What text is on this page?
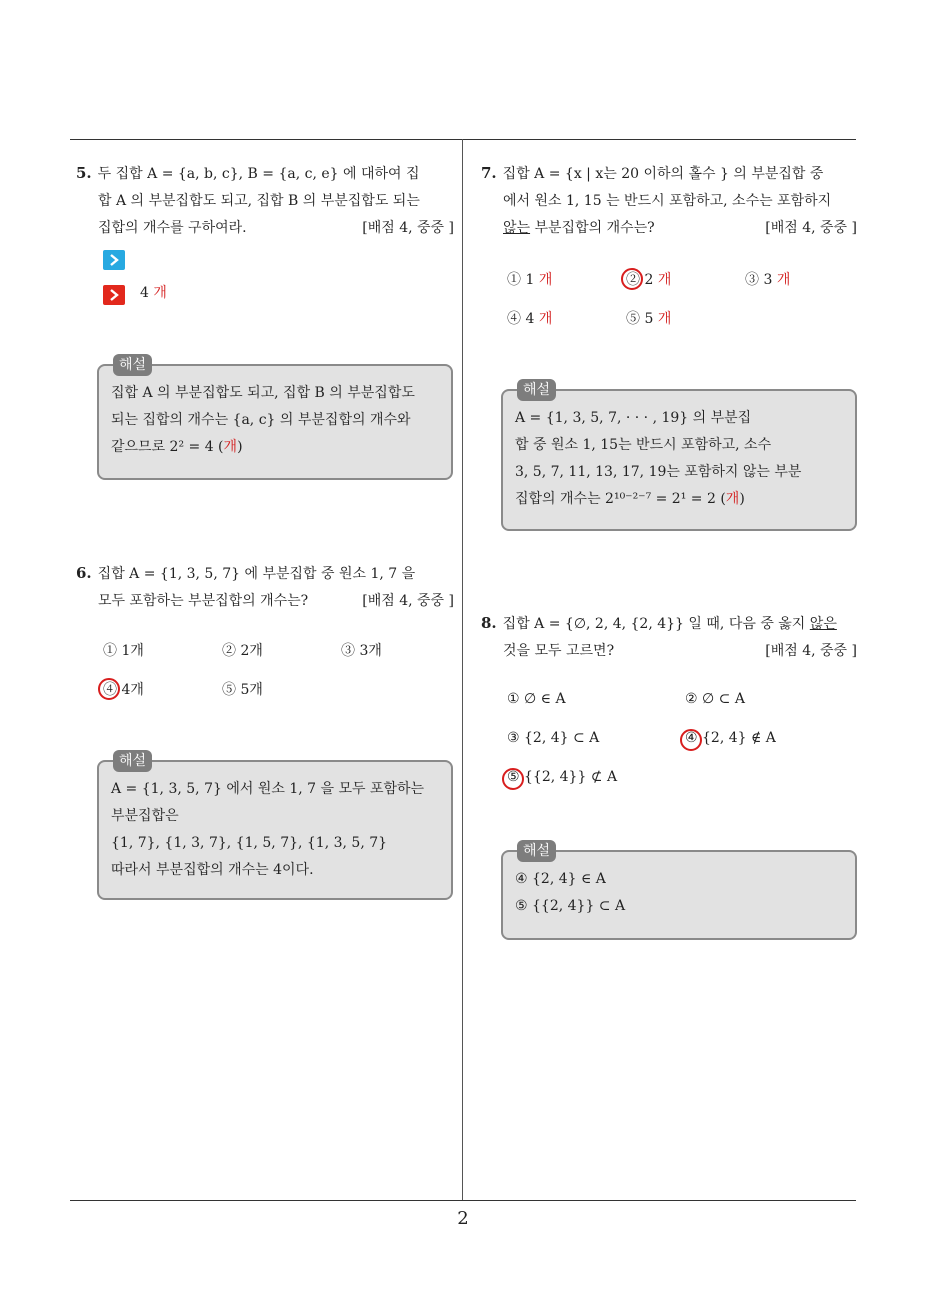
2
5. 두 집합 A = {a, b, c}, B = {a, c, e} 에 대하여 집
합 A 의 부분집합도 되고, 집합 B 의 부분집합도 되는
집합의 개수를 구하여라.	[배점 4, 중중 ]
4 개
해설
집합 A 의 부분집합도 되고, 집합 B 의 부분집합도
되는 집합의 개수는 {a, c} 의 부분집합의 개수와
같으므로 2² = 4 (개)
6. 집합 A = {1, 3, 5, 7} 에 부분집합 중 원소 1, 7 을
모두 포함하는 부분집합의 개수는?	[배점 4, 중중 ]
① 1개	② 2개	③ 3개
④ 4개	⑤ 5개
해설
A = {1, 3, 5, 7} 에서 원소 1, 7 을 모두 포함하는
부분집합은
{1, 7}, {1, 3, 7}, {1, 5, 7}, {1, 3, 5, 7}
따라서 부분집합의 개수는 4이다.
7. 집합 A = {x | x는 20 이하의 홀수 } 의 부분집합 중
에서 원소 1, 15 는 반드시 포함하고, 소수는 포함하지
않는 부분집합의 개수는?	[배점 4, 중중 ]
① 1 개	② 2 개	③ 3 개
④ 4 개	⑤ 5 개
해설
A = {1, 3, 5, 7, · · · , 19} 의 부분집
합 중 원소 1, 15는 반드시 포함하고, 소수
3, 5, 7, 11, 13, 17, 19는 포함하지 않는 부분
집합의 개수는 2¹⁰⁻²⁻⁷ = 2¹ = 2 (개)
8. 집합 A = {∅, 2, 4, {2, 4}} 일 때, 다음 중 옳지 않은
것을 모두 고르면?	[배점 4, 중중 ]
① ∅ ∈ A	② ∅ ⊂ A
③ {2, 4} ⊂ A	④ {2, 4} ∉ A
⑤ {{2, 4}} ⊄ A
해설
④ {2, 4} ∈ A
⑤ {{2, 4}} ⊂ A
